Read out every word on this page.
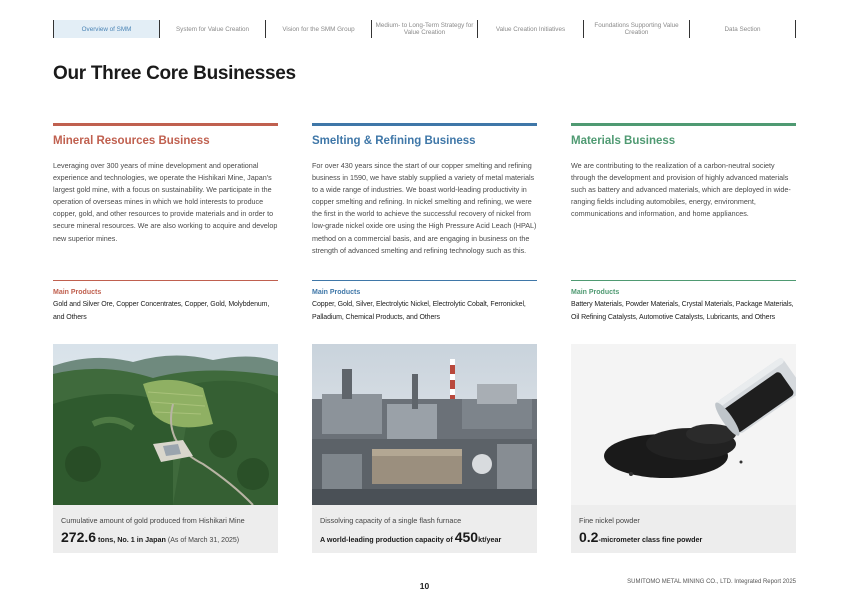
Overview of SMM	System for Value Creation	Vision for the SMM Group	Medium- to Long-Term Strategy for Value Creation	Value Creation Initiatives	Foundations Supporting Value Creation	Data Section
Our Three Core Businesses
Mineral Resources Business
Leveraging over 300 years of mine development and operational experience and technologies, we operate the Hishikari Mine, Japan's largest gold mine, with a focus on sustainability. We participate in the operation of overseas mines in which we hold interests to produce copper, gold, and other resources to provide materials and in order to secure mineral resources. We are also working to acquire and develop new superior mines.
Main Products
Gold and Silver Ore, Copper Concentrates, Copper, Gold, Molybdenum, and Others
Cumulative amount of gold produced from Hishikari Mine
272.6 tons, No. 1 in Japan (As of March 31, 2025)
Smelting & Refining Business
For over 430 years since the start of our copper smelting and refining business in 1590, we have stably supplied a variety of metal materials to a wide range of industries. We boast world-leading productivity in copper smelting and refining. In nickel smelting and refining, we were the first in the world to achieve the successful recovery of nickel from low-grade nickel oxide ore using the High Pressure Acid Leach (HPAL) method on a commercial basis, and are engaging in business on the strength of advanced smelting and refining technology such as this.
Main Products
Copper, Gold, Silver, Electrolytic Nickel, Electrolytic Cobalt, Ferronickel, Palladium, Chemical Products, and Others
Dissolving capacity of a single flash furnace
A world-leading production capacity of 450kt/year
Materials Business
We are contributing to the realization of a carbon-neutral society through the development and provision of highly advanced materials such as battery and advanced materials, which are deployed in wide-ranging fields including automobiles, energy, environment, communications and information, and home appliances.
Main Products
Battery Materials, Powder Materials, Crystal Materials, Package Materials, Oil Refining Catalysts, Automotive Catalysts, Lubricants, and Others
Fine nickel powder
0.2-micrometer class fine powder
10	SUMITOMO METAL MINING CO., LTD. Integrated Report 2025
